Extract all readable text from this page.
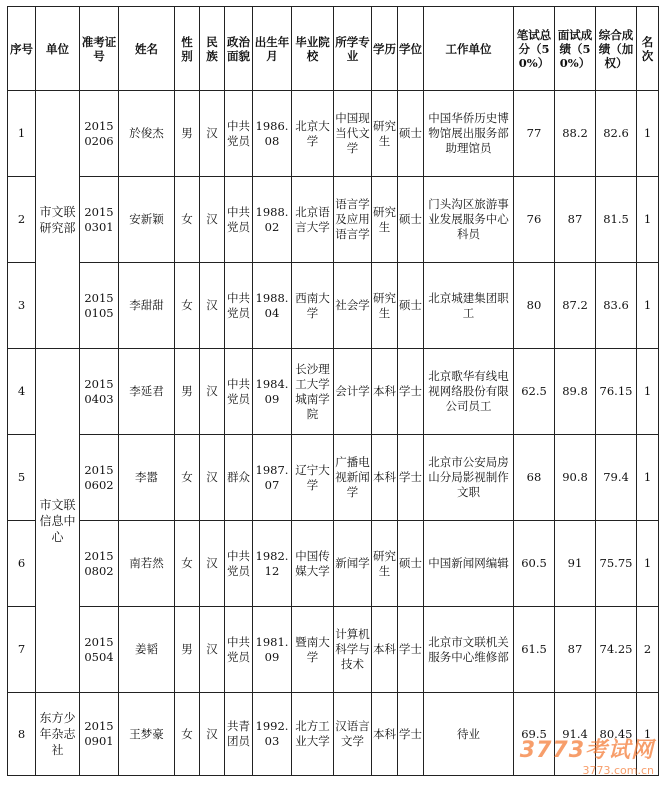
序号	单位	准考证号	姓名	性别	民族	政治面貌	出生年月	毕业院校	所学专业	学历	学位	工作单位	笔试总分（50%）	面试成绩（50%）	综合成绩（加权）	名次
1	市文联研究部	20150206	於俊杰	男	汉	中共党员	1986.08	北京大学	中国现当代文学	研究生	硕士	中国华侨历史博物馆展出服务部助理馆员	77	88.2	82.6	1
2		20150301	安新颖	女	汉	中共党员	1988.02	北京语言大学	语言学及应用语言学	研究生	硕士	门头沟区旅游事业发展服务中心科员	76	87	81.5	1
3		20150105	李甜甜	女	汉	中共党员	1988.04	西南大学	社会学	研究生	硕士	北京城建集团职工	80	87.2	83.6	1
4	市文联信息中心	20150403	李延君	男	汉	中共党员	1984.09	长沙理工大学城南学院	会计学	本科	学士	北京歌华有线电视网络股份有限公司员工	62.5	89.8	76.15	1
5		20150602	李嚣	女	汉	群众	1987.07	辽宁大学	广播电视新闻学	本科	学士	北京市公安局房山分局影视制作文职	68	90.8	79.4	1
6		20150802	南若然	女	汉	中共党员	1982.12	中国传媒大学	新闻学	研究生	硕士	中国新闻网编辑	60.5	91	75.75	1
7		20150504	姜韬	男	汉	中共党员	1981.09	暨南大学	计算机科学与技术	本科	学士	北京市文联机关服务中心维修部	61.5	87	74.25	2
8	东方少年杂志社	20150901	王梦豪	女	汉	共青团员	1992.03	北方工业大学	汉语言文学	本科	学士	待业	69.5	91.4	80.45	1
3773考试网
3773.com.cn
